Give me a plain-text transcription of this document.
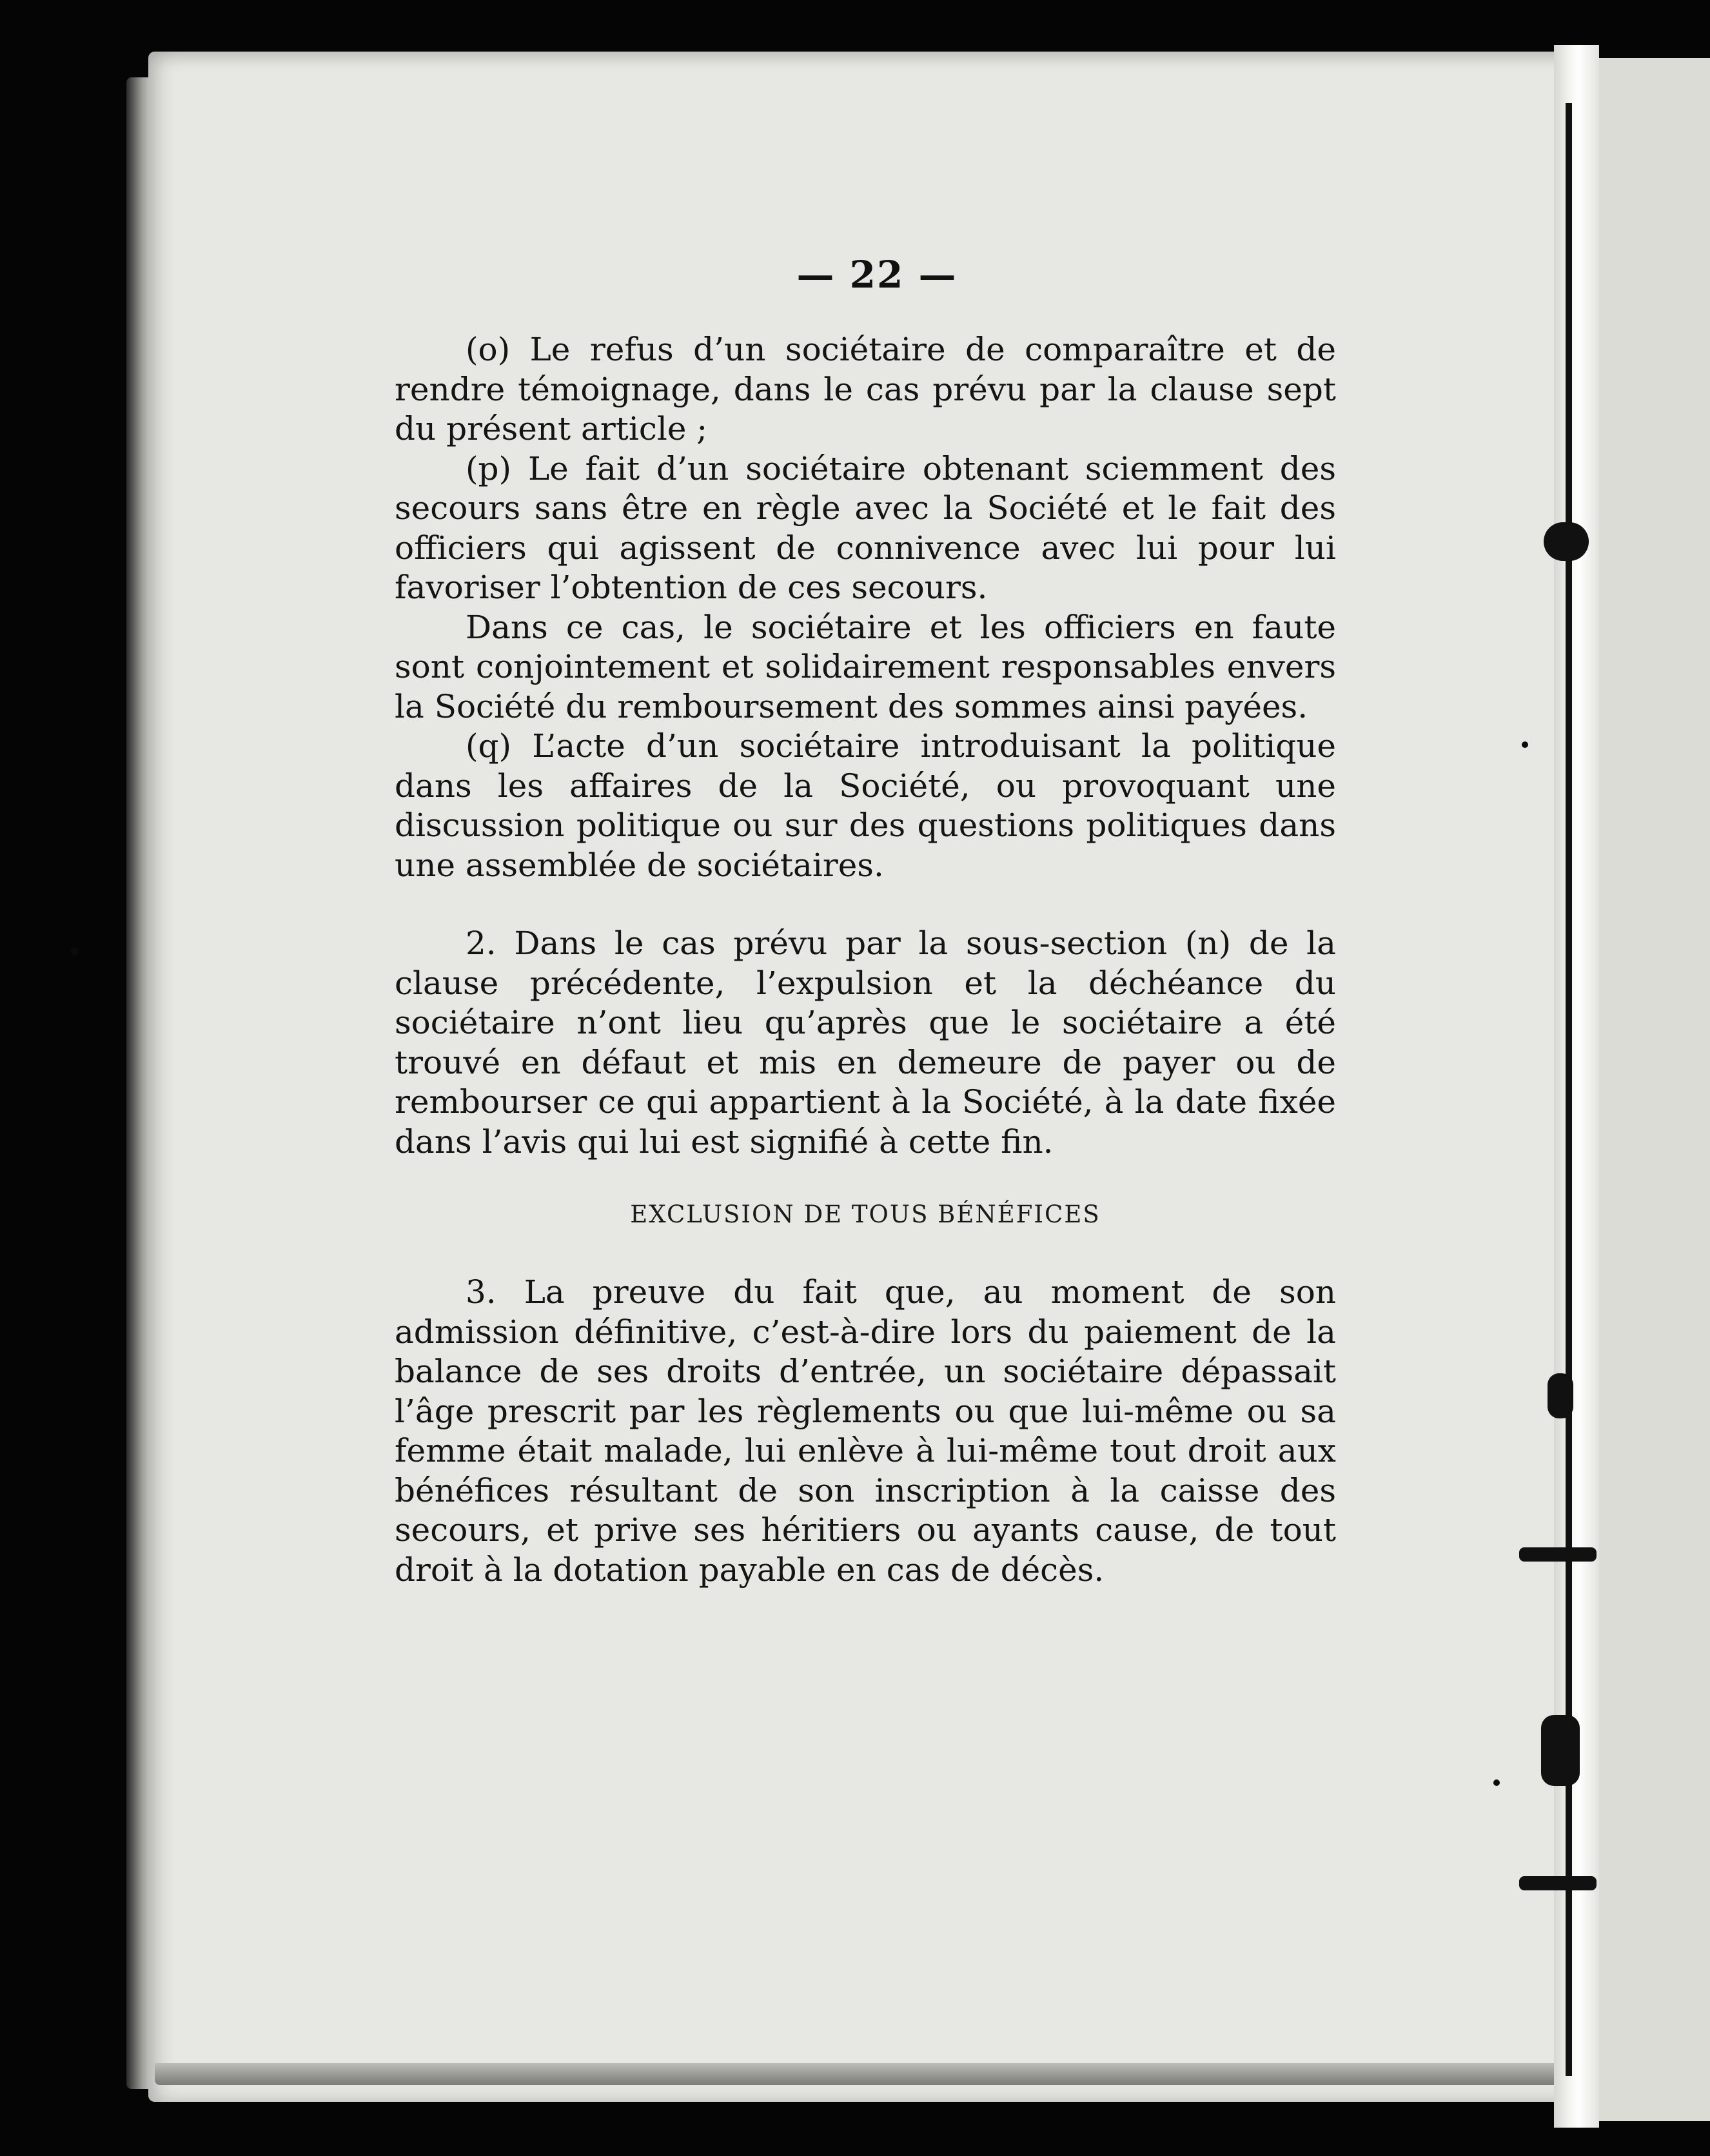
— 22 —

(o) Le refus d’un sociétaire de comparaître et de rendre témoignage, dans le cas prévu par la clause sept du présent article ;

(p) Le fait d’un sociétaire obtenant sciemment des secours sans être en règle avec la Société et le fait des officiers qui agissent de connivence avec lui pour lui favoriser l’obtention de ces secours.

Dans ce cas, le sociétaire et les officiers en faute sont conjointement et solidairement responsables envers la Société du remboursement des sommes ainsi payées.

(q) L’acte d’un sociétaire introduisant la politique dans les affaires de la Société, ou provoquant une discussion politique ou sur des questions politiques dans une assemblée de sociétaires.

2. Dans le cas prévu par la sous-section (n) de la clause précédente, l’expulsion et la déchéance du sociétaire n’ont lieu qu’après que le sociétaire a été trouvé en défaut et mis en demeure de payer ou de rembourser ce qui appartient à la Société, à la date fixée dans l’avis qui lui est signifié à cette fin.

EXCLUSION DE TOUS BÉNÉFICES

3. La preuve du fait que, au moment de son admission définitive, c’est-à-dire lors du paiement de la balance de ses droits d’entrée, un sociétaire dépassait l’âge prescrit par les règlements ou que lui-même ou sa femme était malade, lui enlève à lui-même tout droit aux bénéfices résultant de son inscription à la caisse des secours, et prive ses héritiers ou ayants cause, de tout droit à la dotation payable en cas de décès.
